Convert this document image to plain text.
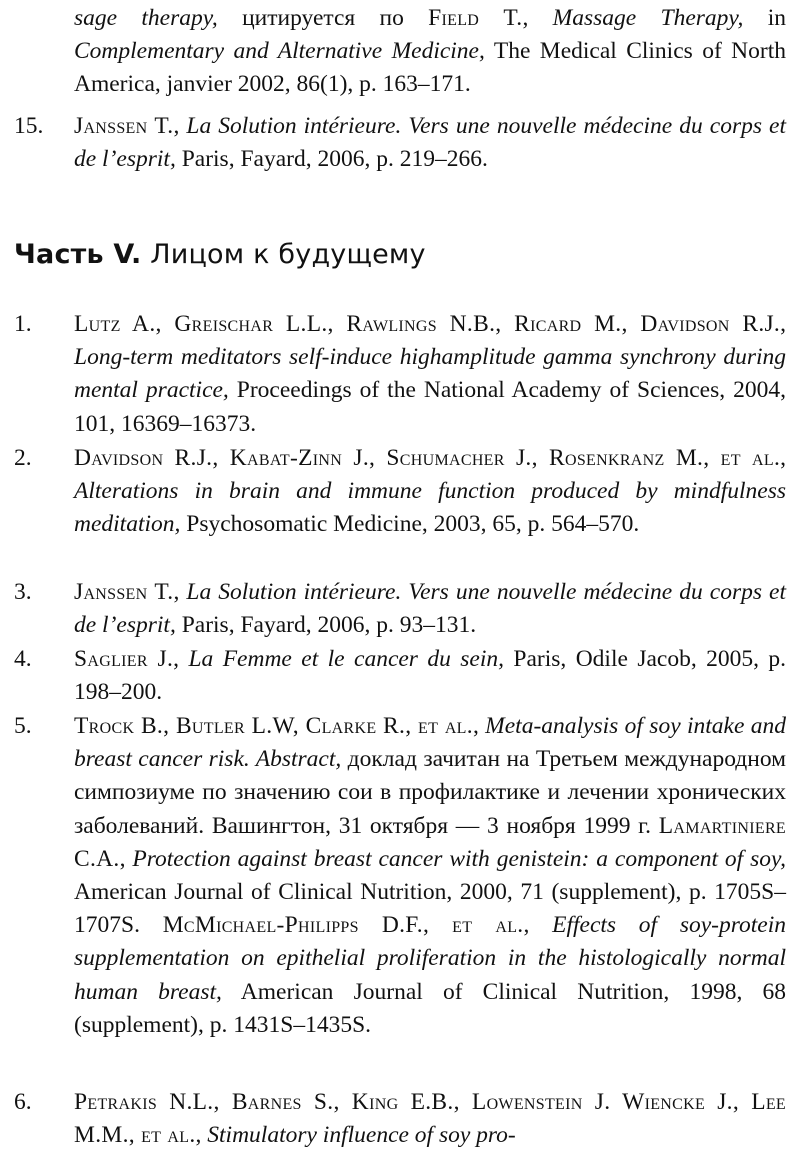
sage therapy, цитируется по Field T., Massage Therapy, in Complementary and Alternative Medicine, The Medical Clinics of North America, janvier 2002, 86(1), p. 163–171.
15.	Janssen T., La Solution intérieure. Vers une nouvelle médecine du corps et de l’esprit, Paris, Fayard, 2006, p. 219–266.
Часть V. Лицом к будущему
1.	Lutz A., Greischar L.L., Rawlings N.B., Ricard M., Davidson R.J., Long-term meditators self-induce highamplitude gamma synchrony during mental practice, Proceedings of the National Academy of Sciences, 2004, 101, 16369–16373.
2.	Davidson R.J., Kabat-Zinn J., Schumacher J., Rosenkranz M., et al., Alterations in brain and immune function produced by mindfulness meditation, Psychosomatic Medicine, 2003, 65, p. 564–570.
3.	Janssen T., La Solution intérieure. Vers une nouvelle médecine du corps et de l’esprit, Paris, Fayard, 2006, p. 93–131.
4.	Saglier J., La Femme et le cancer du sein, Paris, Odile Jacob, 2005, p. 198–200.
5.	Trock B., Butler L.W, Clarke R., et al., Meta-analysis of soy intake and breast cancer risk. Abstract, доклад зачитан на Третьем международном симпозиуме по значению сои в профилактике и лечении хронических заболеваний. Вашингтон, 31 октября — 3 ноября 1999 г. Lamartiniere C.A., Protection against breast cancer with genistein: a component of soy, American Journal of Clinical Nutrition, 2000, 71 (supplement), p. 1705S–1707S. McMichael-Philipps D.F., et al., Effects of soy-protein supplementation on epithelial proliferation in the histologically normal human breast, American Journal of Clinical Nutrition, 1998, 68 (supplement), p. 1431S–1435S.
6.	Petrakis N.L., Barnes S., King E.B., Lowenstein J. Wiencke J., Lee M.M., et al., Stimulatory influence of soy pro-
